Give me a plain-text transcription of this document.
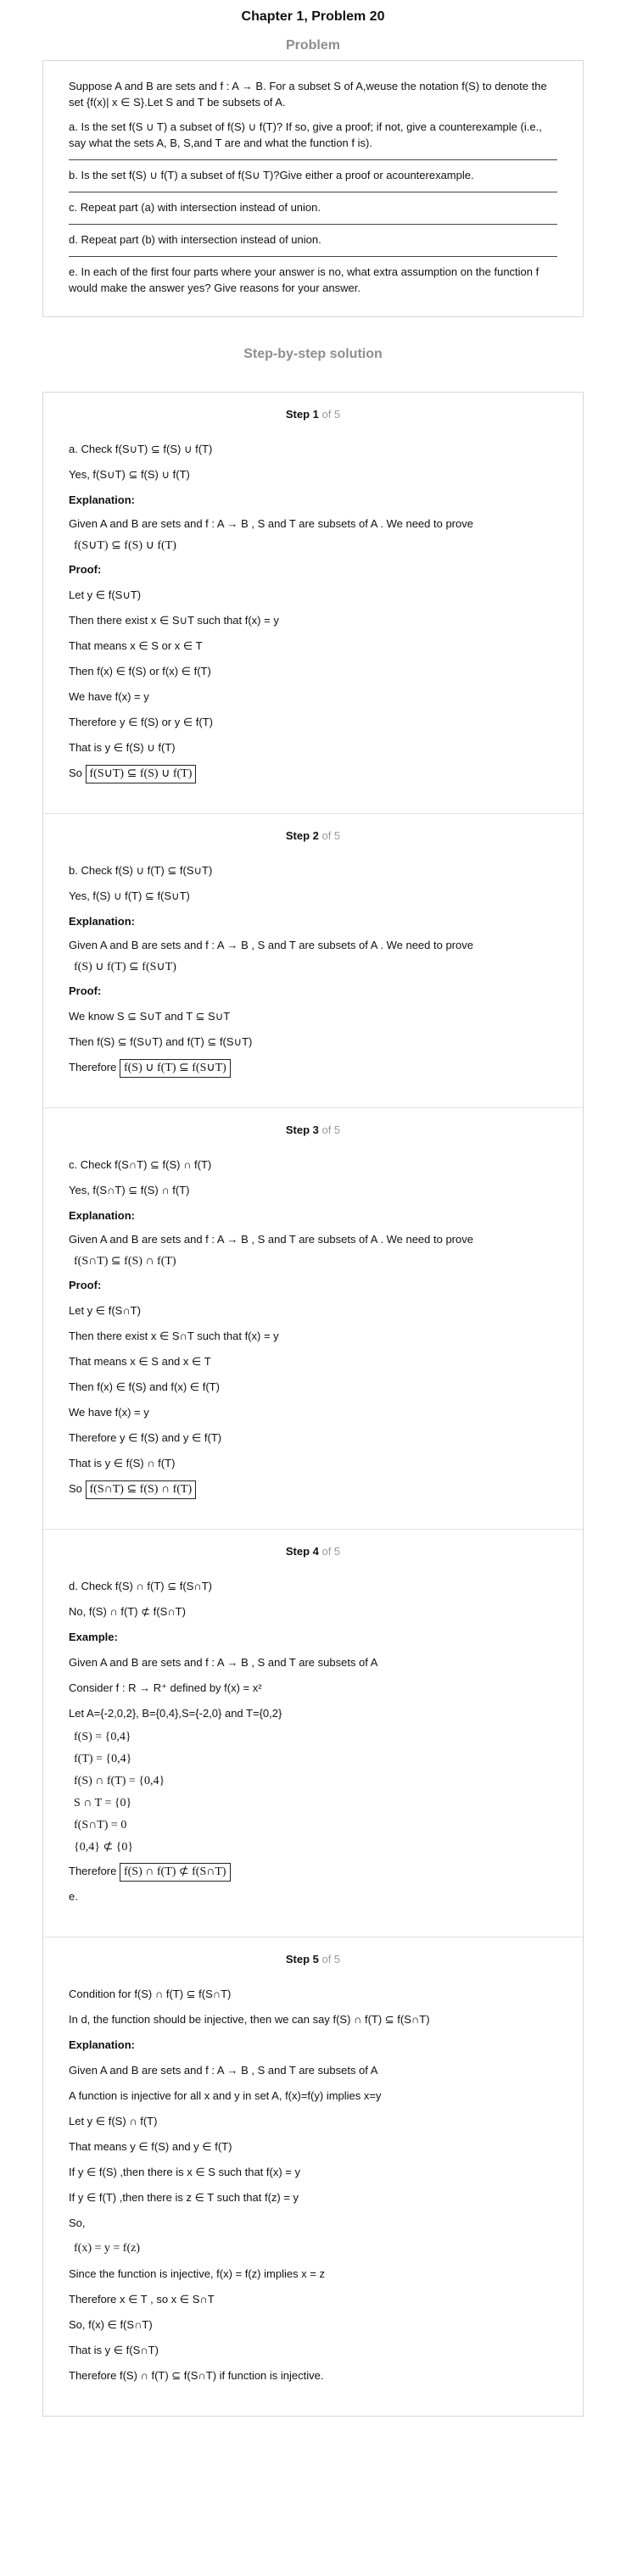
Chapter 1, Problem 20
Problem

Suppose A and B are sets and f : A → B. For a subset S of A,weuse the notation f(S) to denote the set {f(x)| x ∈ S}.Let S and T be subsets of A.

a. Is the set f(S ∪ T) a subset of f(S) ∪ f(T)? If so, give a proof; if not, give a counterexample (i.e., say what the sets A, B, S,and T are and what the function f is).

b. Is the set f(S) ∪ f(T) a subset of f(S∪ T)?Give either a proof or acounterexample.

c. Repeat part (a) with intersection instead of union.

d. Repeat part (b) with intersection instead of union.

e. In each of the first four parts where your answer is no, what extra assumption on the function f would make the answer yes? Give reasons for your answer.

Step-by-step solution
Step 1 of 5
a. Check f(S∪T) ⊆ f(S) ∪ f(T)
Yes, f(S∪T) ⊆ f(S) ∪ f(T)
Explanation:
Given A and B are sets and f : A → B , S and T are subsets of A . We need to prove
f(S∪T) ⊆ f(S) ∪ f(T)
Proof:
Let y ∈ f(S∪T)
Then there exist x ∈ S∪T such that f(x) = y
That means x ∈ S or x ∈ T
Then f(x) ∈ f(S) or f(x) ∈ f(T)
We have f(x) = y
Therefore y ∈ f(S) or y ∈ f(T)
That is y ∈ f(S) ∪ f(T)
So f(S∪T) ⊆ f(S) ∪ f(T)
Step 2 of 5
b. Check f(S) ∪ f(T) ⊆ f(S∪T)
Yes, f(S) ∪ f(T) ⊆ f(S∪T)
Explanation:
Given A and B are sets and f : A → B , S and T are subsets of A . We need to prove
f(S) ∪ f(T) ⊆ f(S∪T)
Proof:
We know S ⊆ S∪T and T ⊆ S∪T
Then f(S) ⊆ f(S∪T) and f(T) ⊆ f(S∪T)
Therefore f(S) ∪ f(T) ⊆ f(S∪T)
Step 3 of 5
c. Check f(S∩T) ⊆ f(S) ∩ f(T)
Yes, f(S∩T) ⊆ f(S) ∩ f(T)
Explanation:
Given A and B are sets and f : A → B , S and T are subsets of A . We need to prove
f(S∩T) ⊆ f(S) ∩ f(T)
Proof:
Let y ∈ f(S∩T)
Then there exist x ∈ S∩T such that f(x) = y
That means x ∈ S and x ∈ T
Then f(x) ∈ f(S) and f(x) ∈ f(T)
We have f(x) = y
Therefore y ∈ f(S) and y ∈ f(T)
That is y ∈ f(S) ∩ f(T)
So f(S∩T) ⊆ f(S) ∩ f(T)
Step 4 of 5
d. Check f(S) ∩ f(T) ⊆ f(S∩T)
No, f(S) ∩ f(T) ⊄ f(S∩T)
Example:
Given A and B are sets and f : A → B , S and T are subsets of A
Consider f : R → R⁺ defined by f(x) = x²
Let A={-2,0,2}, B={0,4},S={-2,0} and T={0,2}
f(S) = {0,4}
f(T) = {0,4}
f(S) ∩ f(T) = {0,4}
S ∩ T = {0}
f(S∩T) = 0
{0,4} ⊄ {0}
Therefore f(S) ∩ f(T) ⊄ f(S∩T)
e.
Step 5 of 5
Condition for f(S) ∩ f(T) ⊆ f(S∩T)
In d, the function should be injective, then we can say f(S) ∩ f(T) ⊆ f(S∩T)
Explanation:
Given A and B are sets and f : A → B , S and T are subsets of A
A function is injective for all x and y in set A, f(x)=f(y) implies x=y
Let y ∈ f(S) ∩ f(T)
That means y ∈ f(S) and y ∈ f(T)
If y ∈ f(S) ,then there is x ∈ S such that f(x) = y
If y ∈ f(T) ,then there is z ∈ T such that f(z) = y
So,
f(x) = y = f(z)
Since the function is injective, f(x) = f(z) implies x = z
Therefore x ∈ T , so x ∈ S∩T
So, f(x) ∈ f(S∩T)
That is y ∈ f(S∩T)
Therefore f(S) ∩ f(T) ⊆ f(S∩T) if function is injective.
